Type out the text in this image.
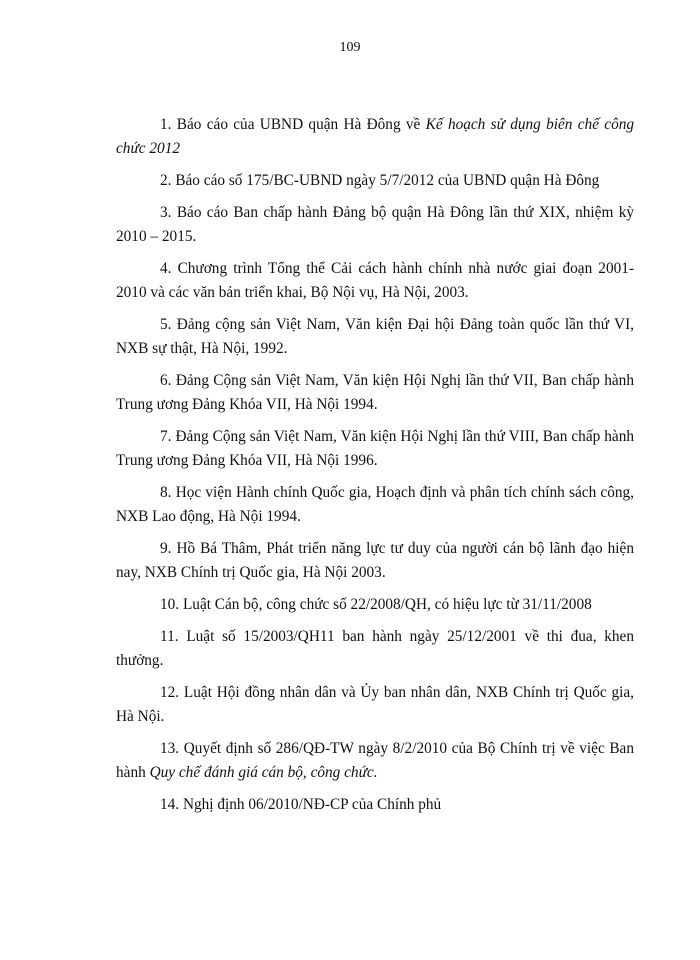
109
1. Báo cáo của UBND quận Hà Đông về Kế hoạch sử dụng biên chế công chức 2012
2. Báo cáo số 175/BC-UBND ngày 5/7/2012 của UBND quận Hà Đông
3. Báo cáo Ban chấp hành Đảng bộ quận Hà Đông lần thứ XIX, nhiệm kỳ 2010 – 2015.
4. Chương trình Tổng thể Cải cách hành chính nhà nước giai đoạn 2001-2010 và các văn bản triển khai, Bộ Nội vụ, Hà Nội, 2003.
5. Đảng cộng sản Việt Nam, Văn kiện Đại hội Đảng toàn quốc lần thứ VI, NXB sự thật, Hà Nội, 1992.
6. Đảng Cộng sản Việt Nam, Văn kiện Hội Nghị lần thứ VII, Ban chấp hành Trung ương Đảng Khóa VII, Hà Nội 1994.
7. Đảng Cộng sản Việt Nam, Văn kiện Hội Nghị lần thứ VIII, Ban chấp hành Trung ương Đảng Khóa VII, Hà Nội 1996.
8. Học viện Hành chính Quốc gia, Hoạch định và phân tích chính sách công, NXB Lao động, Hà Nội 1994.
9. Hồ Bá Thâm, Phát triển năng lực tư duy của người cán bộ lãnh đạo hiện nay, NXB Chính trị Quốc gia, Hà Nội 2003.
10. Luật Cán bộ, công chức số 22/2008/QH, có hiệu lực từ 31/11/2008
11. Luật số 15/2003/QH11 ban hành ngày 25/12/2001 về thi đua, khen thưởng.
12. Luật Hội đồng nhân dân và Ủy ban nhân dân, NXB Chính trị Quốc gia, Hà Nội.
13. Quyết định số 286/QĐ-TW ngày 8/2/2010 của Bộ Chính trị về việc Ban hành Quy chế đánh giá cán bộ, công chức.
14. Nghị định 06/2010/NĐ-CP của Chính phủ
